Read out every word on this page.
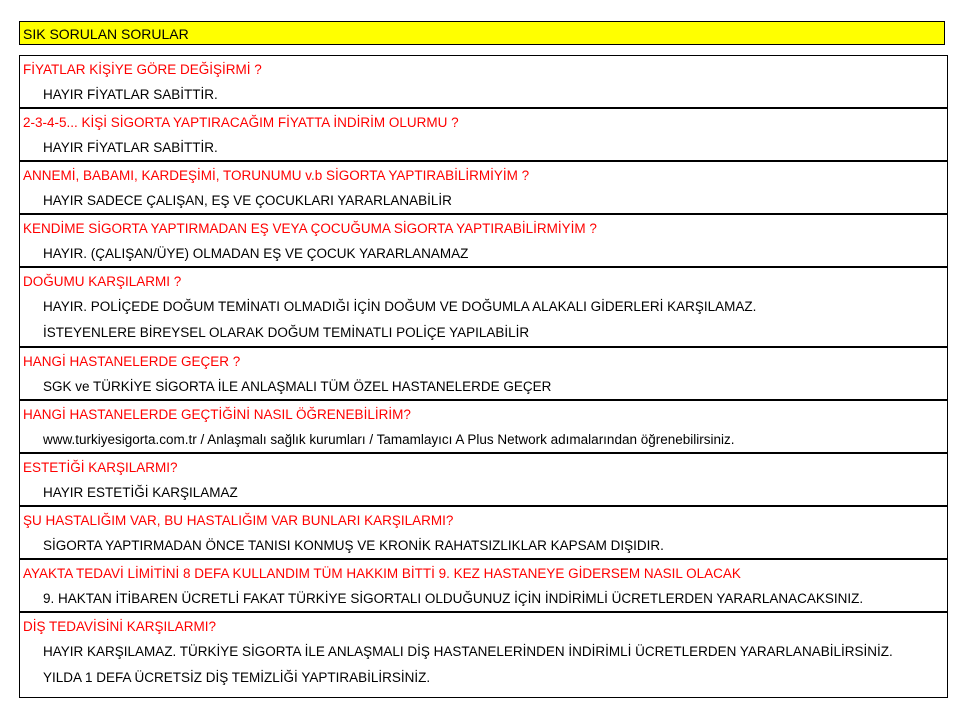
SIK SORULAN SORULAR
FİYATLAR KİŞİYE GÖRE DEĞİŞİRMİ ?
HAYIR FİYATLAR SABİTTİR.
2-3-4-5... KİŞİ SİGORTA YAPTIRACAĞIM FİYATTA İNDİRİM OLURMU ?
HAYIR FİYATLAR SABİTTİR.
ANNEMİ, BABAMI, KARDEŞİMİ, TORUNUMU v.b SİGORTA YAPTIRABİLİRMİYİM ?
HAYIR SADECE ÇALIŞAN, EŞ VE ÇOCUKLARI YARARLANABİLİR
KENDİME SİGORTA YAPTIRMADAN EŞ VEYA ÇOCUĞUMA SİGORTA YAPTIRABİLİRMİYİM ?
HAYIR. (ÇALIŞAN/ÜYE) OLMADAN EŞ VE ÇOCUK YARARLANAMAZ
DOĞUMU KARŞILARMI ?
HAYIR. POLİÇEDE DOĞUM TEMİNATI OLMADIĞI İÇİN DOĞUM VE DOĞUMLA ALAKALI GİDERLERİ KARŞILAMAZ.
İSTEYENLERE BİREYSEL OLARAK DOĞUM TEMİNATLI POLİÇE YAPILABİLİR
HANGİ HASTANELERDE GEÇER ?
SGK ve TÜRKİYE SİGORTA İLE ANLAŞMALI TÜM ÖZEL HASTANELERDE GEÇER
HANGİ HASTANELERDE GEÇTİĞİNİ NASIL ÖĞRENEBİLİRİM?
www.turkiyesigorta.com.tr / Anlaşmalı sağlık kurumları / Tamamlayıcı A Plus Network adımalarından öğrenebilirsiniz.
ESTETİĞİ KARŞILARMI?
HAYIR ESTETİĞİ KARŞILAMAZ
ŞU HASTALIĞIM VAR, BU HASTALIĞIM VAR BUNLARI KARŞILARMI?
SİGORTA YAPTIRMADAN ÖNCE TANISI KONMUŞ VE KRONİK RAHATSIZLIKLAR KAPSAM DIŞIDIR.
AYAKTA TEDAVİ LİMİTİNİ 8 DEFA KULLANDIM TÜM HAKKIM BİTTİ 9. KEZ HASTANEYE GİDERSEM NASIL OLACAK
9. HAKTAN İTİBAREN ÜCRETLİ FAKAT TÜRKİYE SİGORTALI OLDUĞUNUZ İÇİN İNDİRİMLİ ÜCRETLERDEN YARARLANACAKSINIZ.
DİŞ TEDAVİSİNİ KARŞILARMI?
HAYIR KARŞILAMAZ. TÜRKİYE SİGORTA İLE ANLAŞMALI DİŞ HASTANELERİNDEN İNDİRİMLİ ÜCRETLERDEN YARARLANABİLİRSİNİZ.
YILDA 1 DEFA ÜCRETSİZ DİŞ TEMİZLİĞİ YAPTIRABİLİRSİNİZ.
